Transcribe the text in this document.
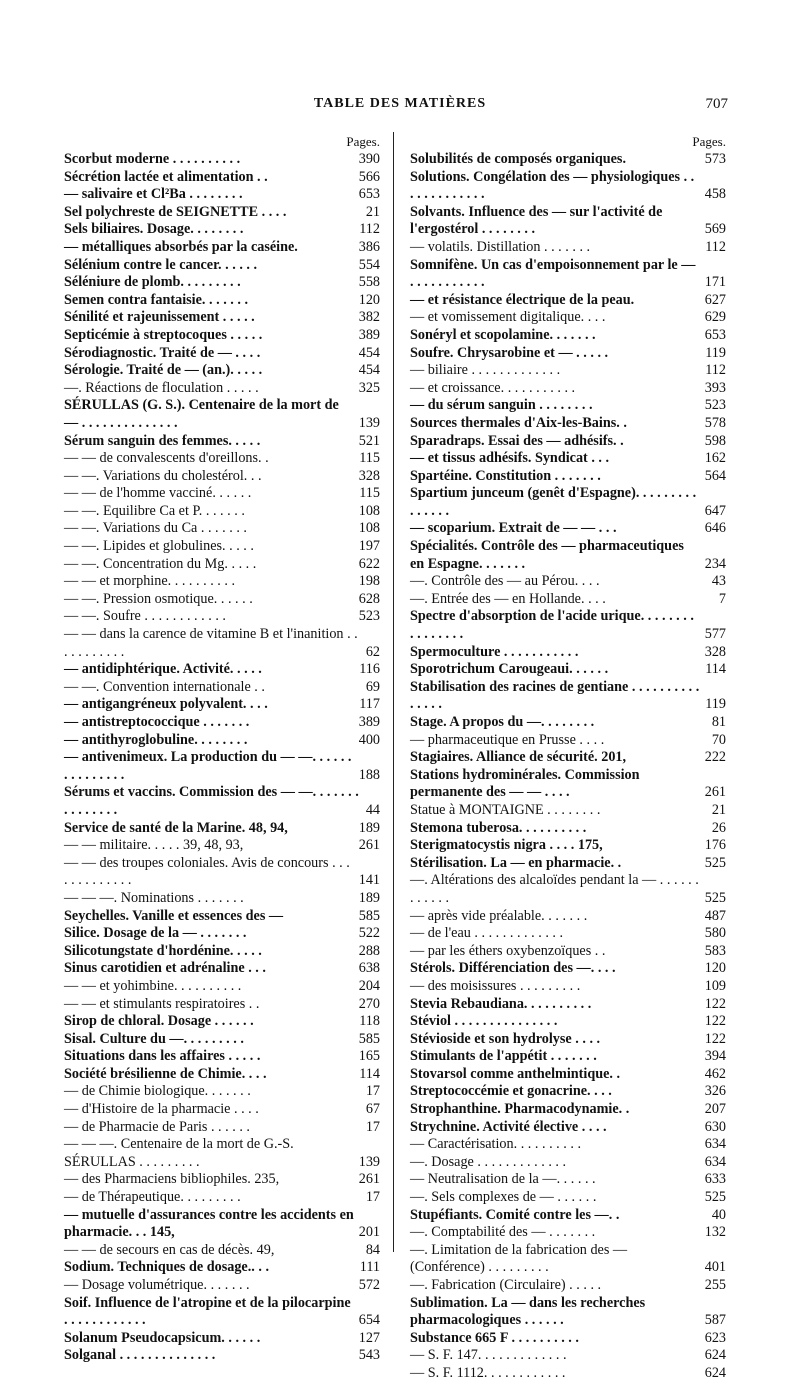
TABLE DES MATIÈRES	707
Pages.
Scorbut moderne . . . . . . . . . .	390
Sécrétion lactée et alimentation . .	566
— salivaire et Cl²Ba . . . . . . . .	653
Sel polychreste de SEIGNETTE . . . .	21
Sels biliaires. Dosage. . . . . . . .	112
— métalliques absorbés par la caséine.	386
Sélénium contre le cancer. . . . . .	554
Séléniure de plomb. . . . . . . . .	558
Semen contra fantaisie. . . . . . .	120
Sénilité et rajeunissement . . . . .	382
Septicémie à streptocoques . . . . .	389
Sérodiagnostic. Traité de — . . . .	454
Sérologie. Traité de — (an.). . . . .	454
—. Réactions de floculation . . . . .	325
SÉRULLAS (G. S.). Centenaire de la mort de — . . . . . . . . . . . . . .	139
Sérum sanguin des femmes. . . . .	521
— — de convalescents d'oreillons. .	115
— —. Variations du cholestérol. . .	328
— — de l'homme vacciné. . . . . .	115
— —. Equilibre Ca et P. . . . . . .	108
— —. Variations du Ca . . . . . . .	108
— —. Lipides et globulines. . . . .	197
— —. Concentration du Mg. . . . .	622
— — et morphine. . . . . . . . . .	198
— —. Pression osmotique. . . . . .	628
— —. Soufre . . . . . . . . . . . .	523
— — dans la carence de vitamine B et l'inanition . . . . . . . . . . .	62
— antidiphtérique. Activité. . . . .	116
— —. Convention internationale . .	69
— antigangréneux polyvalent. . . .	117
— antistreptococcique . . . . . . .	389
— antithyroglobuline. . . . . . . .	400
— antivenimeux. La production du — —. . . . . . . . . . . . . . .	188
Sérums et vaccins. Commission des — —. . . . . . . . . . . . . . .	44
Service de santé de la Marine. 48, 94,	189
— — militaire. . . . . 39, 48, 93,	261
— — des troupes coloniales. Avis de concours . . . . . . . . . . . . .	141
— — —. Nominations . . . . . . .	189
Seychelles. Vanille et essences des —	585
Silice. Dosage de la — . . . . . . .	522
Silicotungstate d'hordénine. . . . .	288
Sinus carotidien et adrénaline . . .	638
— — et yohimbine. . . . . . . . . .	204
— — et stimulants respiratoires . .	270
Sirop de chloral. Dosage . . . . . .	118
Sisal. Culture du —. . . . . . . . .	585
Situations dans les affaires . . . . .	165
Société brésilienne de Chimie. . . .	114
— de Chimie biologique. . . . . . .	17
— d'Histoire de la pharmacie . . . .	67
— de Pharmacie de Paris . . . . . .	17
— — —. Centenaire de la mort de G.-S. SÉRULLAS . . . . . . . . .	139
— des Pharmaciens bibliophiles. 235,	261
— de Thérapeutique. . . . . . . . .	17
— mutuelle d'assurances contre les accidents en pharmacie. . . 145,	201
— — de secours en cas de décès. 49,	84
Sodium. Techniques de dosage.. . .	111
— Dosage volumétrique. . . . . . .	572
Soif. Influence de l'atropine et de la pilocarpine . . . . . . . . . . . .	654
Solanum Pseudocapsicum. . . . . .	127
Solganal . . . . . . . . . . . . . .	543
Pages.
Solubilités de composés organiques.	573
Solutions. Congélation des — physiologiques . . . . . . . . . . . . .	458
Solvants. Influence des — sur l'activité de l'ergostérol . . . . . . . .	569
— volatils. Distillation . . . . . . .	112
Somnifène. Un cas d'empoisonnement par le — . . . . . . . . . . .	171
— et résistance électrique de la peau.	627
— et vomissement digitalique. . . .	629
Sonéryl et scopolamine. . . . . . .	653
Soufre. Chrysarobine et — . . . . .	119
— biliaire . . . . . . . . . . . . .	112
— et croissance. . . . . . . . . . .	393
— du sérum sanguin . . . . . . . .	523
Sources thermales d'Aix-les-Bains. .	578
Sparadraps. Essai des — adhésifs. .	598
— et tissus adhésifs. Syndicat . . .	162
Spartéine. Constitution . . . . . . .	564
Spartium junceum (genêt d'Espagne). . . . . . . . . . . . . . .	647
— scoparium. Extrait de — — . . .	646
Spécialités. Contrôle des — pharmaceutiques en Espagne. . . . . . .	234
—. Contrôle des — au Pérou. . . .	43
—. Entrée des — en Hollande. . . .	7
Spectre d'absorption de l'acide urique. . . . . . . . . . . . . . . .	577
Spermoculture . . . . . . . . . . .	328
Sporotrichum Carougeaui. . . . . .	114
Stabilisation des racines de gentiane . . . . . . . . . . . . . . .	119
Stage. A propos du —. . . . . . . .	81
— pharmaceutique en Prusse . . . .	70
Stagiaires. Alliance de sécurité. 201,	222
Stations hydrominérales. Commission permanente des — — . . . .	261
Statue à MONTAIGNE . . . . . . . .	21
Stemona tuberosa. . . . . . . . . .	26
Sterigmatocystis nigra . . . . 175,	176
Stérilisation. La — en pharmacie. .	525
—. Altérations des alcaloïdes pendant la — . . . . . . . . . . . .	525
— après vide préalable. . . . . . .	487
— de l'eau . . . . . . . . . . . . .	580
— par les éthers oxybenzoïques . .	583
Stérols. Différenciation des —. . . .	120
— des moisissures . . . . . . . . .	109
Stevia Rebaudiana. . . . . . . . . .	122
Stéviol . . . . . . . . . . . . . . .	122
Stévioside et son hydrolyse . . . .	122
Stimulants de l'appétit . . . . . . .	394
Stovarsol comme anthelmintique. .	462
Streptococcémie et gonacrine. . . .	326
Strophanthine. Pharmacodynamie. .	207
Strychnine. Activité élective . . . .	630
— Caractérisation. . . . . . . . . .	634
—. Dosage . . . . . . . . . . . . .	634
— Neutralisation de la —. . . . . .	633
—. Sels complexes de — . . . . . .	525
Stupéfiants. Comité contre les —. .	40
—. Comptabilité des — . . . . . . .	132
—. Limitation de la fabrication des — (Conférence) . . . . . . . . .	401
—. Fabrication (Circulaire) . . . . .	255
Sublimation. La — dans les recherches pharmacologiques . . . . . .	587
Substance 665 F . . . . . . . . . .	623
— S. F. 147. . . . . . . . . . . . .	624
— S. F. 1112. . . . . . . . . . . .	624
